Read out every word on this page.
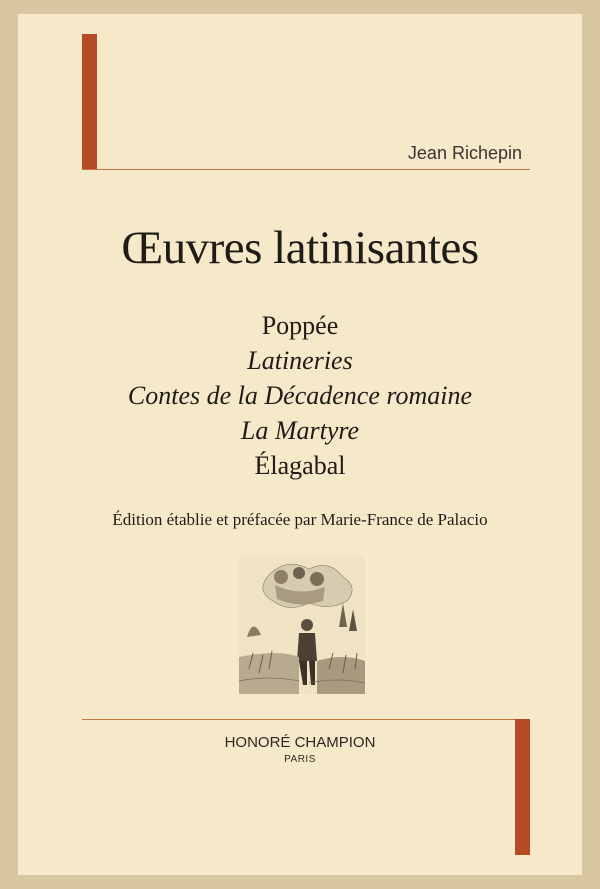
Jean Richepin
Œuvres latinisantes
Poppée
Latineries
Contes de la Décadence romaine
La Martyre
Élagabal
Édition établie et préfacée par Marie-France de Palacio
HONORÉ CHAMPION
PARIS
